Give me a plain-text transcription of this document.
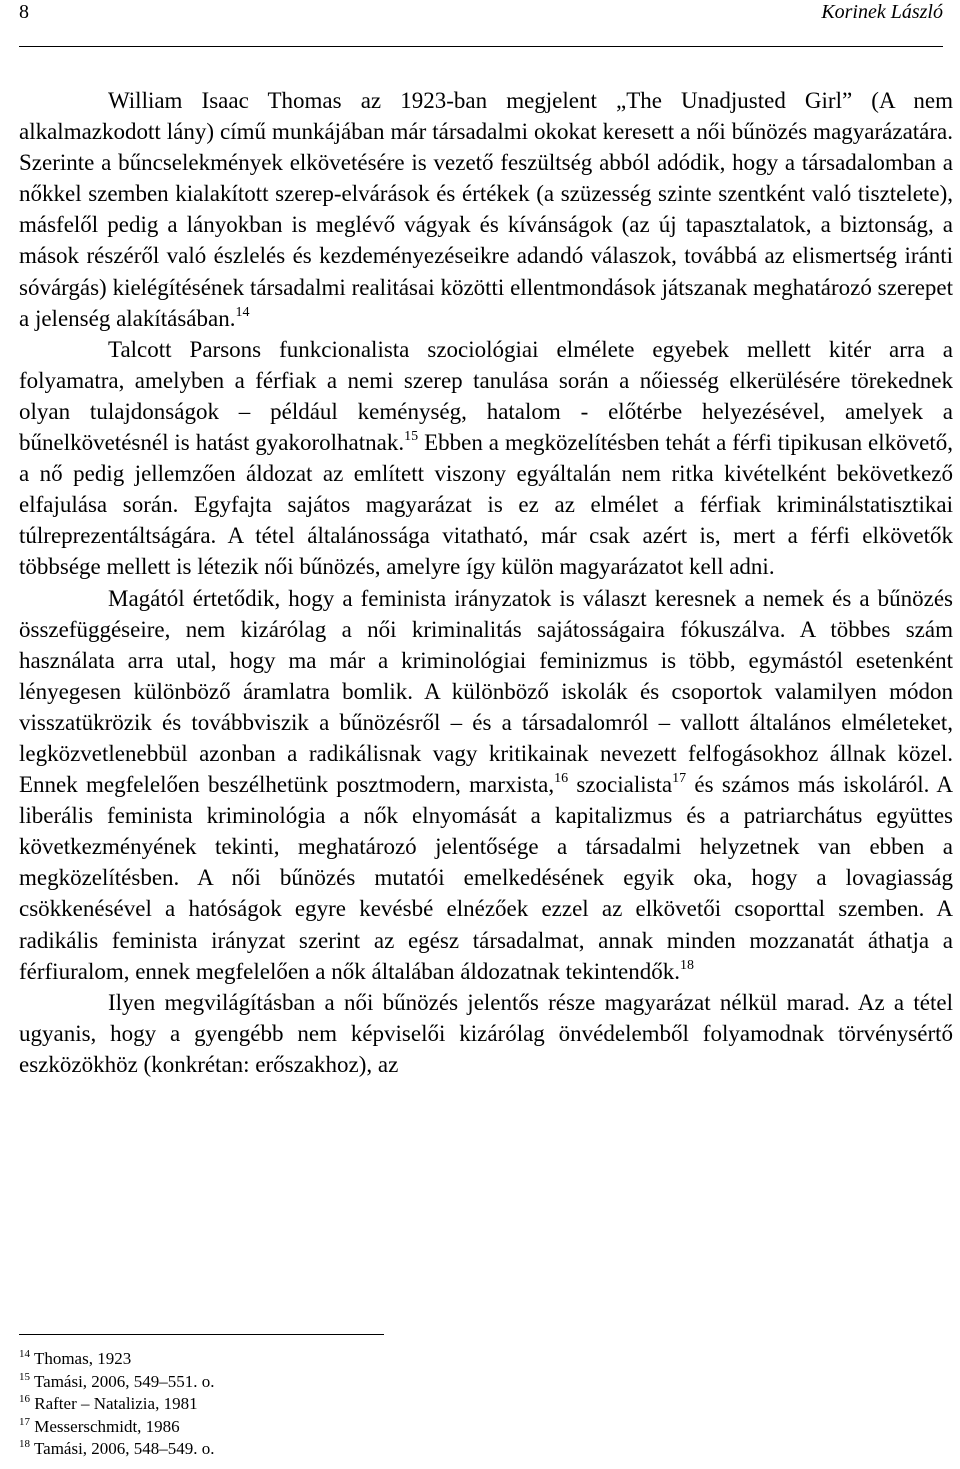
8	Korinek László

William Isaac Thomas az 1923-ban megjelent „The Unadjusted Girl” (A nem alkalmazkodott lány) című munkájában már társadalmi okokat keresett a női bűnözés magyarázatára. Szerinte a bűncselekmények elkövetésére is vezető feszültség abból adódik, hogy a társadalomban a nőkkel szemben kialakított szerep-elvárások és értékek (a szüzesség szinte szentként való tisztelete), másfelől pedig a lányokban is meglévő vágyak és kívánságok (az új tapasztalatok, a biztonság, a mások részéről való észlelés és kezdeményezéseikre adandó válaszok, továbbá az elismertség iránti sóvárgás) kielégítésének társadalmi realitásai közötti ellentmondások játszanak meghatározó szerepet a jelenség alakításában.$^{14}$

Talcott Parsons funkcionalista szociológiai elmélete egyebek mellett kitér arra a folyamatra, amelyben a férfiak a nemi szerep tanulása során a nőiesség elkerülésére törekednek olyan tulajdonságok – például keménység, hatalom - előtérbe helyezésével, amelyek a bűnelkövetésnél is hatást gyakorolhatnak.$^{15}$ Ebben a megközelítésben tehát a férfi tipikusan elkövető, a nő pedig jellemzően áldozat az említett viszony egyáltalán nem ritka kivételként bekövetkező elfajulása során. Egyfajta sajátos magyarázat is ez az elmélet a férfiak kriminálstatisztikai túlreprezentáltságára. A tétel általánossága vitatható, már csak azért is, mert a férfi elkövetők többsége mellett is létezik női bűnözés, amelyre így külön magyarázatot kell adni.

Magától értetődik, hogy a feminista irányzatok is választ keresnek a nemek és a bűnözés összefüggéseire, nem kizárólag a női kriminalitás sajátosságaira fókuszálva. A többes szám használata arra utal, hogy ma már a kriminológiai feminizmus is több, egymástól esetenként lényegesen különböző áramlatra bomlik. A különböző iskolák és csoportok valamilyen módon visszatükrözik és továbbviszik a bűnözésről – és a társadalomról – vallott általános elméleteket, legközvetlenebbül azonban a radikálisnak vagy kritikainak nevezett felfogásokhoz állnak közel. Ennek megfelelően beszélhetünk posztmodern, marxista,$^{16}$ szocialista$^{17}$ és számos más iskoláról. A liberális feminista kriminológia a nők elnyomását a kapitalizmus és a patriarchátus együttes következményének tekinti, meghatározó jelentősége a társadalmi helyzetnek van ebben a megközelítésben. A női bűnözés mutatói emelkedésének egyik oka, hogy a lovagiasság csökkenésével a hatóságok egyre kevésbé elnézőek ezzel az elkövetői csoporttal szemben. A radikális feminista irányzat szerint az egész társadalmat, annak minden mozzanatát áthatja a férfiuralom, ennek megfelelően a nők általában áldozatnak tekintendők.$^{18}$

Ilyen megvilágításban a női bűnözés jelentős része magyarázat nélkül marad. Az a tétel ugyanis, hogy a gyengébb nem képviselői kizárólag önvédelemből folyamodnak törvénysértő eszközökhöz (konkrétan: erőszakhoz), az

$^{14}$ Thomas, 1923
$^{15}$ Tamási, 2006, 549–551. o.
$^{16}$ Rafter – Natalizia, 1981
$^{17}$ Messerschmidt, 1986
$^{18}$ Tamási, 2006, 548–549. o.
